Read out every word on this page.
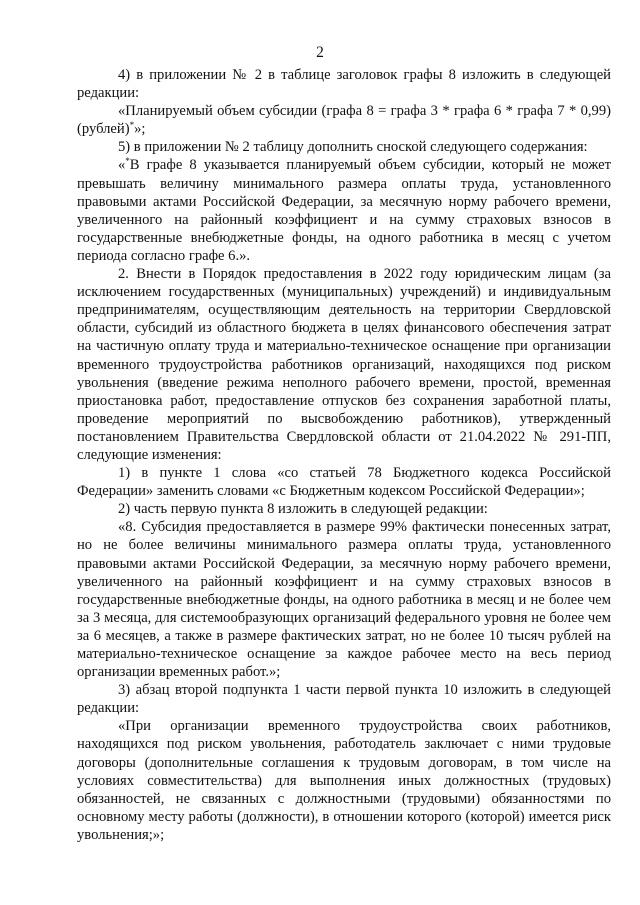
2

4) в приложении № 2 в таблице заголовок графы 8 изложить в следующей редакции:

«Планируемый объем субсидии (графа 8 = графа 3 * графа 6 * графа 7 * 0,99) (рублей)*»;

5) в приложении № 2 таблицу дополнить сноской следующего содержания:

«*В графе 8 указывается планируемый объем субсидии, который не может превышать величину минимального размера оплаты труда, установленного правовыми актами Российской Федерации, за месячную норму рабочего времени, увеличенного на районный коэффициент и на сумму страховых взносов в государственные внебюджетные фонды, на одного работника в месяц с учетом периода согласно графе 6.».

2. Внести в Порядок предоставления в 2022 году юридическим лицам (за исключением государственных (муниципальных) учреждений) и индивидуальным предпринимателям, осуществляющим деятельность на территории Свердловской области, субсидий из областного бюджета в целях финансового обеспечения затрат на частичную оплату труда и материально-техническое оснащение при организации временного трудоустройства работников организаций, находящихся под риском увольнения (введение режима неполного рабочего времени, простой, временная приостановка работ, предоставление отпусков без сохранения заработной платы, проведение мероприятий по высвобождению работников), утвержденный постановлением Правительства Свердловской области от 21.04.2022 № 291-ПП, следующие изменения:

1) в пункте 1 слова «со статьей 78 Бюджетного кодекса Российской Федерации» заменить словами «с Бюджетным кодексом Российской Федерации»;

2) часть первую пункта 8 изложить в следующей редакции:

«8. Субсидия предоставляется в размере 99% фактически понесенных затрат, но не более величины минимального размера оплаты труда, установленного правовыми актами Российской Федерации, за месячную норму рабочего времени, увеличенного на районный коэффициент и на сумму страховых взносов в государственные внебюджетные фонды, на одного работника в месяц и не более чем за 3 месяца, для системообразующих организаций федерального уровня не более чем за 6 месяцев, а также в размере фактических затрат, но не более 10 тысяч рублей на материально-техническое оснащение за каждое рабочее место на весь период организации временных работ.»;

3) абзац второй подпункта 1 части первой пункта 10 изложить в следующей редакции:

«При организации временного трудоустройства своих работников, находящихся под риском увольнения, работодатель заключает с ними трудовые договоры (дополнительные соглашения к трудовым договорам, в том числе на условиях совместительства) для выполнения иных должностных (трудовых) обязанностей, не связанных с должностными (трудовыми) обязанностями по основному месту работы (должности), в отношении которого (которой) имеется риск увольнения;»;
